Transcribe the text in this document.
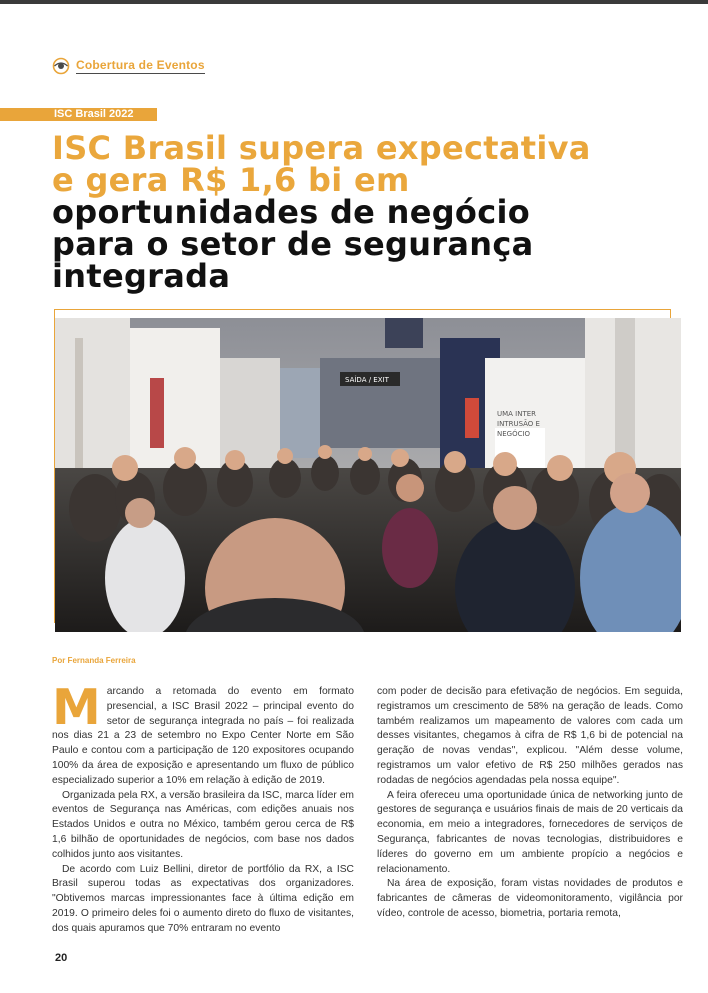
Cobertura de Eventos
ISC Brasil 2022
ISC Brasil supera expectativa
e gera R$ 1,6 bi em
oportunidades de negócio
para o setor de segurança
integrada
SAÍDA / EXIT
UMA INTER
INTRUSÃO E
NEGÓCIO
Por Fernanda Ferreira

Marcando a retomada do evento em formato presencial, a ISC Brasil 2022 – principal evento do setor de segurança integrada no país – foi realizada nos dias 21 a 23 de setembro no Expo Center Norte em São Paulo e contou com a participação de 120 expositores ocupando 100% da área de exposição e apresentando um fluxo de público especializado superior a 10% em relação à edição de 2019.

Organizada pela RX, a versão brasileira da ISC, marca líder em eventos de Segurança nas Américas, com edições anuais nos Estados Unidos e outra no México, também gerou cerca de R$ 1,6 bilhão de oportunidades de negócios, com base nos dados colhidos junto aos visitantes.

De acordo com Luiz Bellini, diretor de portfólio da RX, a ISC Brasil superou todas as expectativas dos organizadores. "Obtivemos marcas impressionantes face à última edição em 2019. O primeiro deles foi o aumento direto do fluxo de visitantes, dos quais apuramos que 70% entraram no evento

com poder de decisão para efetivação de negócios. Em seguida, registramos um crescimento de 58% na geração de leads. Como também realizamos um mapeamento de valores com cada um desses visitantes, chegamos à cifra de R$ 1,6 bi de potencial na geração de novas vendas", explicou. "Além desse volume, registramos um valor efetivo de R$ 250 milhões gerados nas rodadas de negócios agendadas pela nossa equipe".

A feira ofereceu uma oportunidade única de networking junto de gestores de segurança e usuários finais de mais de 20 verticais da economia, em meio a integradores, fornecedores de serviços de Segurança, fabricantes de novas tecnologias, distribuidores e líderes do governo em um ambiente propício a negócios e relacionamento.

Na área de exposição, foram vistas novidades de produtos e fabricantes de câmeras de videomonitoramento, vigilância por vídeo, controle de acesso, biometria, portaria remota,

20
